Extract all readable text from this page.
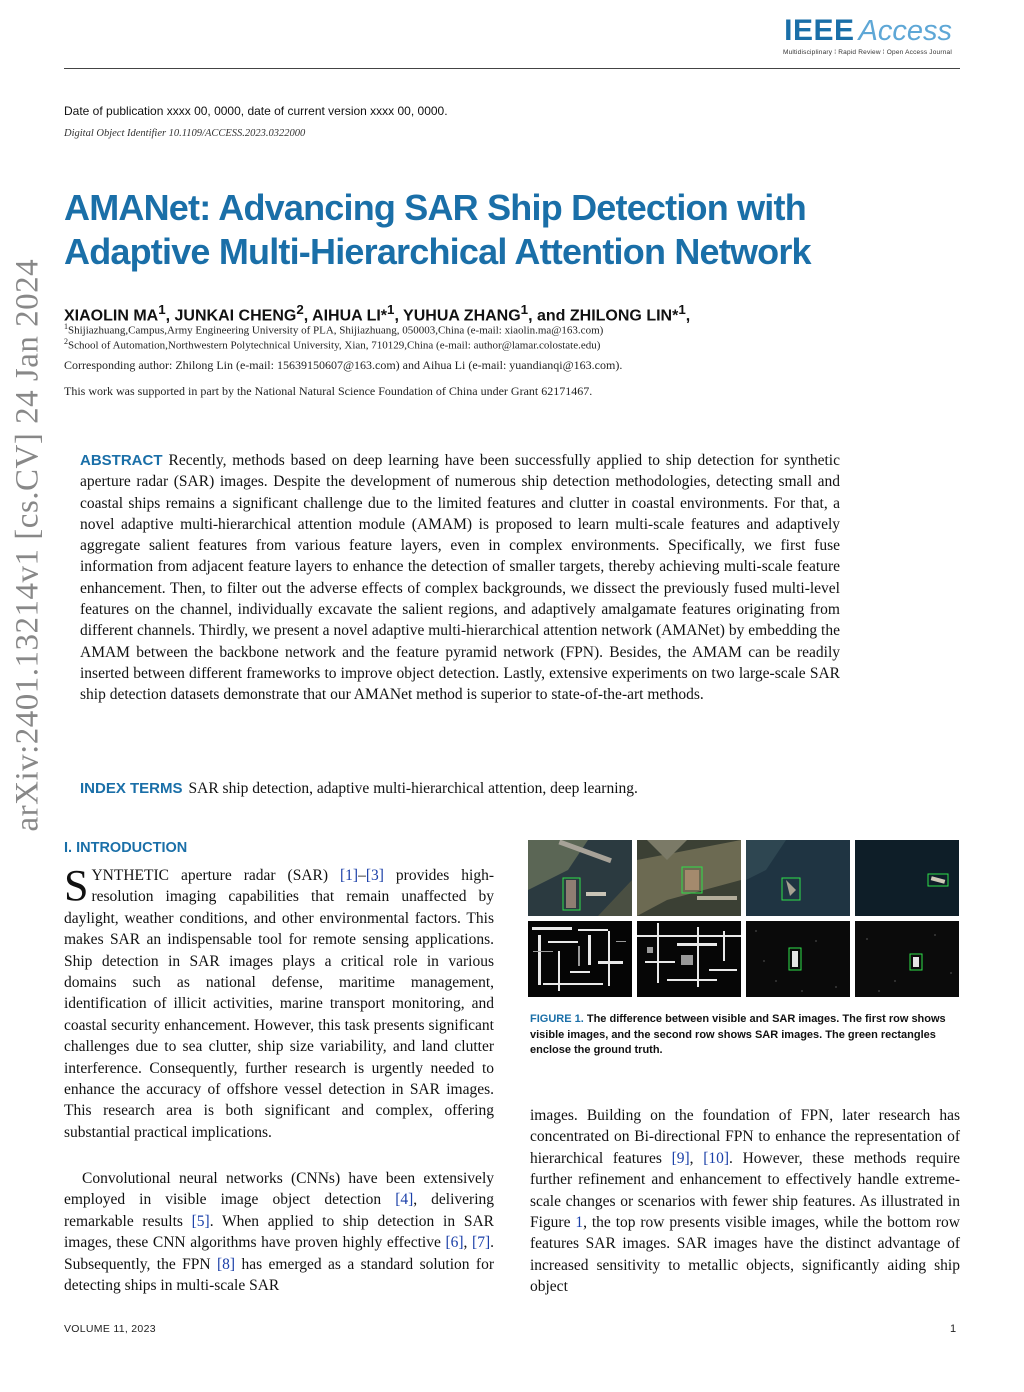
IEEE Access
Multidisciplinary ⁞ Rapid Review ⁞ Open Access Journal
Date of publication xxxx 00, 0000, date of current version xxxx 00, 0000.
Digital Object Identifier 10.1109/ACCESS.2023.0322000
AMANet: Advancing SAR Ship Detection with
Adaptive Multi-Hierarchical Attention Network
XIAOLIN $MA^1$, JUNKAI CHENG$^2$, AIHUA LI*$^1$, YUHUA ZHANG$^1$, and ZHILONG LIN*$^1$,
$^1$Shijiazhuang,Campus,Army Engineering University of PLA, Shijiazhuang, 050003,China (e-mail: xiaolin.ma@163.com)
$^2$School of Automation,Northwestern Polytechnical University, Xian, 710129,China (e-mail: author@lamar.colostate.edu)
Corresponding author: Zhilong Lin (e-mail: 15639150607@163.com) and Aihua Li (e-mail: yuandianqi@163.com).
This work was supported in part by the National Natural Science Foundation of China under Grant 62171467.
arXiv:2401.13214v1 [cs.CV] 24 Jan 2024 ABSTRACT Recently, methods based on deep learning have been successfully applied to ship detection for synthetic aperture radar (SAR) images. Despite the development of numerous ship detection methodologies, detecting small and coastal ships remains a significant challenge due to the limited features and clutter in coastal environments. For that, a novel adaptive multi-hierarchical attention module (AMAM) is proposed to learn multi-scale features and adaptively aggregate salient features from various feature layers, even in complex environments. Specifically, we first fuse information from adjacent feature layers to enhance the detection of smaller targets, thereby achieving multi-scale feature enhancement. Then, to filter out the adverse effects of complex backgrounds, we dissect the previously fused multi-level features on the channel, individually excavate the salient regions, and adaptively amalgamate features originating from different channels. Thirdly, we present a novel adaptive multi-hierarchical attention network (AMANet) by embedding the AMAM between the backbone network and the feature pyramid network (FPN). Besides, the AMAM can be readily inserted between different frameworks to improve object detection. Lastly, extensive experiments on two large-scale SAR ship detection datasets demonstrate that our AMANet method is superior to state-of-the-art methods.
INDEX TERMS SAR ship detection, adaptive multi-hierarchical attention, deep learning.
I. INTRODUCTION
SYNTHETIC aperture radar (SAR) [1]–[3] provides high-resolution imaging capabilities that remain unaffected by daylight, weather conditions, and other environmental factors. This makes SAR an indispensable tool for remote sensing applications. Ship detection in SAR images plays a critical role in various domains such as national defense, maritime management, identification of illicit activities, marine transport monitoring, and coastal security enhancement. However, this task presents significant challenges due to sea clutter, ship size variability, and land clutter interference. Consequently, further research is urgently needed to enhance the accuracy of offshore vessel detection in SAR images. This research area is both significant and complex, offering substantial practical implications.
Convolutional neural networks (CNNs) have been extensively employed in visible image object detection [4], delivering remarkable results [5]. When applied to ship detection in SAR images, these CNN algorithms have proven highly effective [6], [7]. Subsequently, the FPN [8] has emerged as a standard solution for detecting ships in multi-scale SAR
images. Building on the foundation of FPN, later research has concentrated on Bi-directional FPN to enhance the representation of hierarchical features [9], [10]. However, these methods require further refinement and enhancement to effectively handle extreme-scale changes or scenarios with fewer ship features. As illustrated in Figure 1, the top row presents visible images, while the bottom row features SAR images. SAR images have the distinct advantage of increased sensitivity to metallic objects, significantly aiding ship object
FIGURE 1. The difference between visible and SAR images. The first row shows visible images, and the second row shows SAR images. The green rectangles enclose the ground truth.
VOLUME 11, 2023	1
